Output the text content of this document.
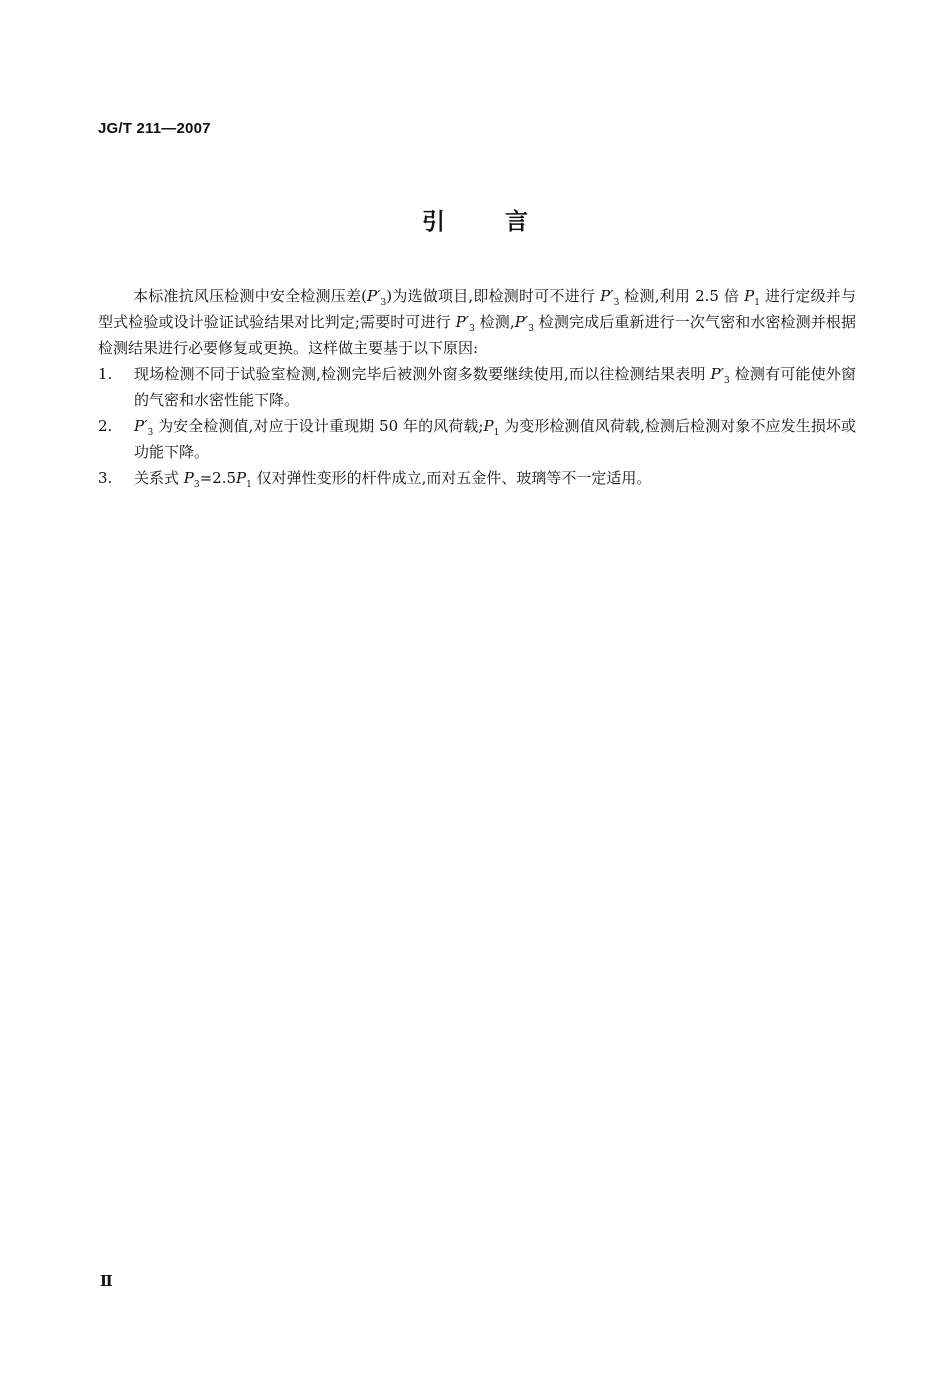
JG/T 211—2007
引	言

本标准抗风压检测中安全检测压差$(P'_3)$为选做项目,即检测时可不进行 $P'_3$ 检测,利用 2.5 倍 $P_1$ 进行定级并与型式检验或设计验证试验结果对比判定;需要时可进行 $P'_3$ 检测$,P'_3$ 检测完成后重新进行一次气密和水密检测并根据检测结果进行必要修复或更换。这样做主要基于以下原因:

1.	现场检测不同于试验室检测,检测完毕后被测外窗多数要继续使用,而以往检测结果表明 $P'_3$ 检测有可能使外窗的气密和水密性能下降。
2.	$P'_3$ 为安全检测值,对应于设计重现期 50 年的风荷载$;P_1$ 为变形检测值风荷载,检测后检测对象不应发生损坏或功能下降。
3.	关系式 $P_3=2.5P_1$ 仅对弹性变形的杆件成立,而对五金件、玻璃等不一定适用。
Ⅱ
